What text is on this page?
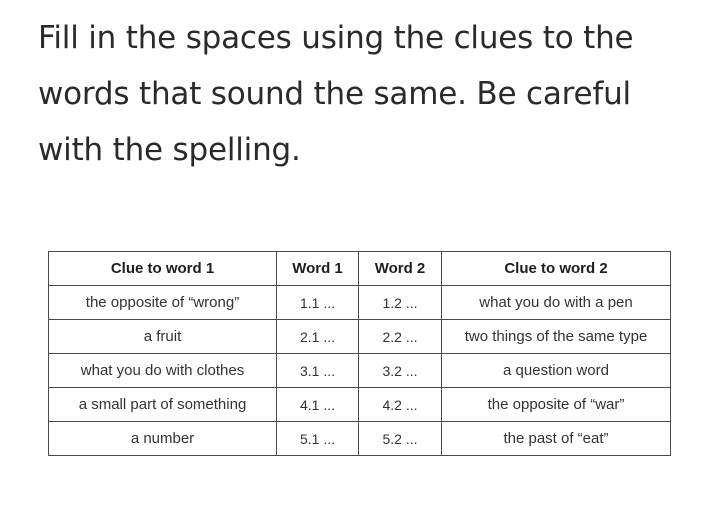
Fill in the spaces using the clues to the words that sound the same. Be careful with the spelling.
Clue to word 1	Word 1	Word 2	Clue to word 2
the opposite of “wrong”	1.1 ...	1.2 ...	what you do with a pen
a fruit	2.1 ...	2.2 ...	two things of the same type
what you do with clothes	3.1 ...	3.2 ...	a question word
a small part of something	4.1 ...	4.2 ...	the opposite of “war”
a number	5.1 ...	5.2 ...	the past of “eat”
